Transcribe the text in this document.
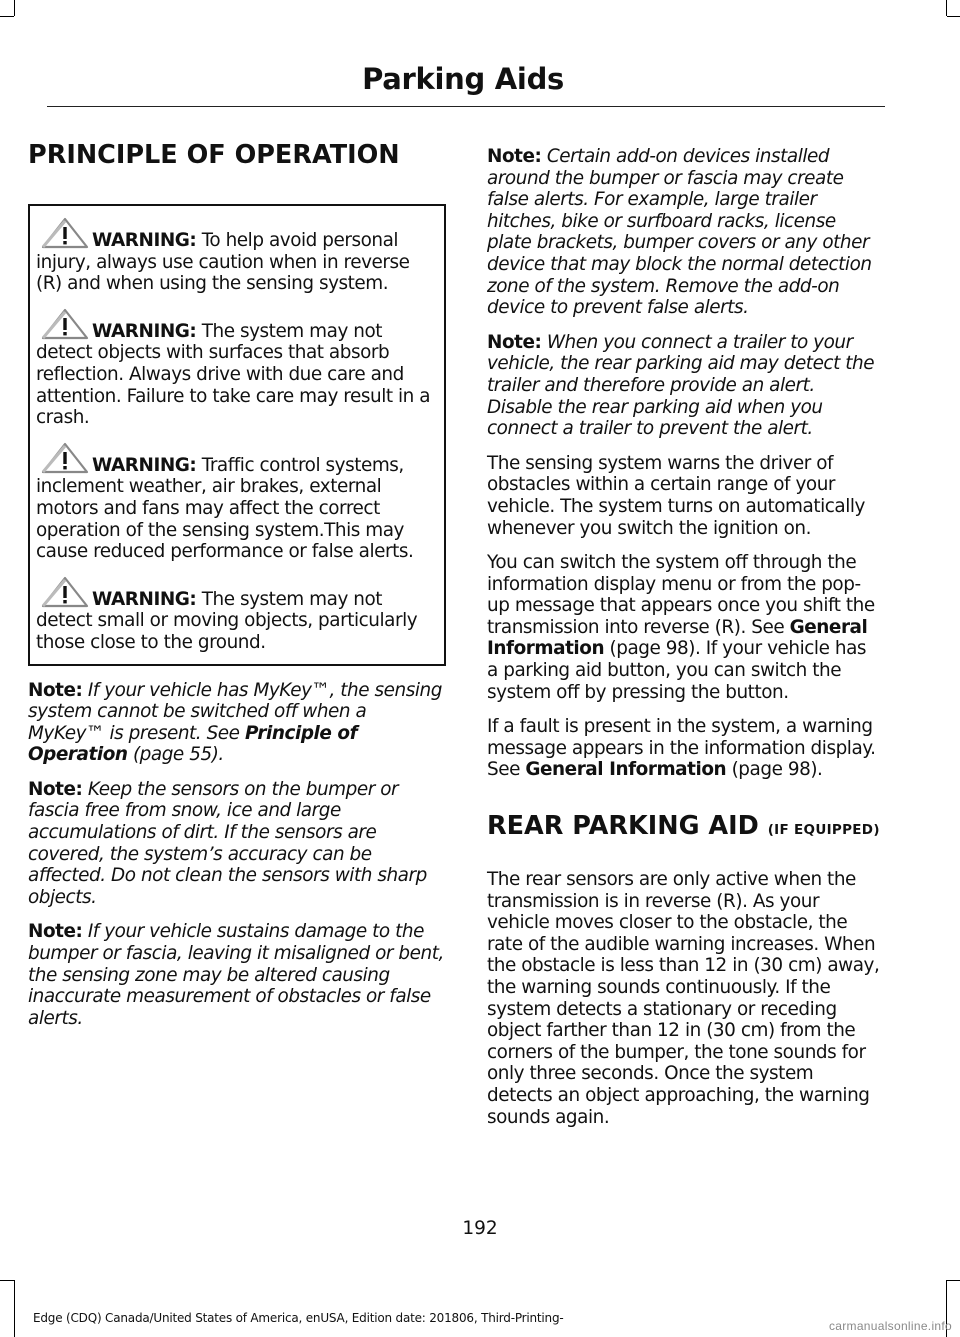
Parking Aids
PRINCIPLE OF OPERATION

WARNING: To help avoid personal injury, always use caution when in reverse (R) and when using the sensing system.

WARNING: The system may not detect objects with surfaces that absorb reflection. Always drive with due care and attention. Failure to take care may result in a crash.

WARNING: Traffic control systems, inclement weather, air brakes, external motors and fans may affect the correct operation of the sensing system.This may cause reduced performance or false alerts.

WARNING: The system may not detect small or moving objects, particularly those close to the ground.

Note: If your vehicle has MyKey™, the sensing system cannot be switched off when a MyKey™ is present. See Principle of Operation (page 55).

Note: Keep the sensors on the bumper or fascia free from snow, ice and large accumulations of dirt. If the sensors are covered, the system’s accuracy can be affected. Do not clean the sensors with sharp objects.

Note: If your vehicle sustains damage to the bumper or fascia, leaving it misaligned or bent, the sensing zone may be altered causing inaccurate measurement of obstacles or false alerts.

Note: Certain add-on devices installed around the bumper or fascia may create false alerts. For example, large trailer hitches, bike or surfboard racks, license plate brackets, bumper covers or any other device that may block the normal detection zone of the system. Remove the add-on device to prevent false alerts.

Note: When you connect a trailer to your vehicle, the rear parking aid may detect the trailer and therefore provide an alert. Disable the rear parking aid when you connect a trailer to prevent the alert.

The sensing system warns the driver of obstacles within a certain range of your vehicle. The system turns on automatically whenever you switch the ignition on.

You can switch the system off through the information display menu or from the pop-up message that appears once you shift the transmission into reverse (R). See General Information (page 98). If your vehicle has a parking aid button, you can switch the system off by pressing the button.

If a fault is present in the system, a warning message appears in the information display. See General Information (page 98).

REAR PARKING AID (IF EQUIPPED)

The rear sensors are only active when the transmission is in reverse (R). As your vehicle moves closer to the obstacle, the rate of the audible warning increases. When the obstacle is less than 12 in (30 cm) away, the warning sounds continuously. If the system detects a stationary or receding object farther than 12 in (30 cm) from the corners of the bumper, the tone sounds for only three seconds. Once the system detects an object approaching, the warning sounds again.

192
Edge (CDQ) Canada/United States of America, enUSA, Edition date: 201806, Third-Printing-
carmanualsonline.info
